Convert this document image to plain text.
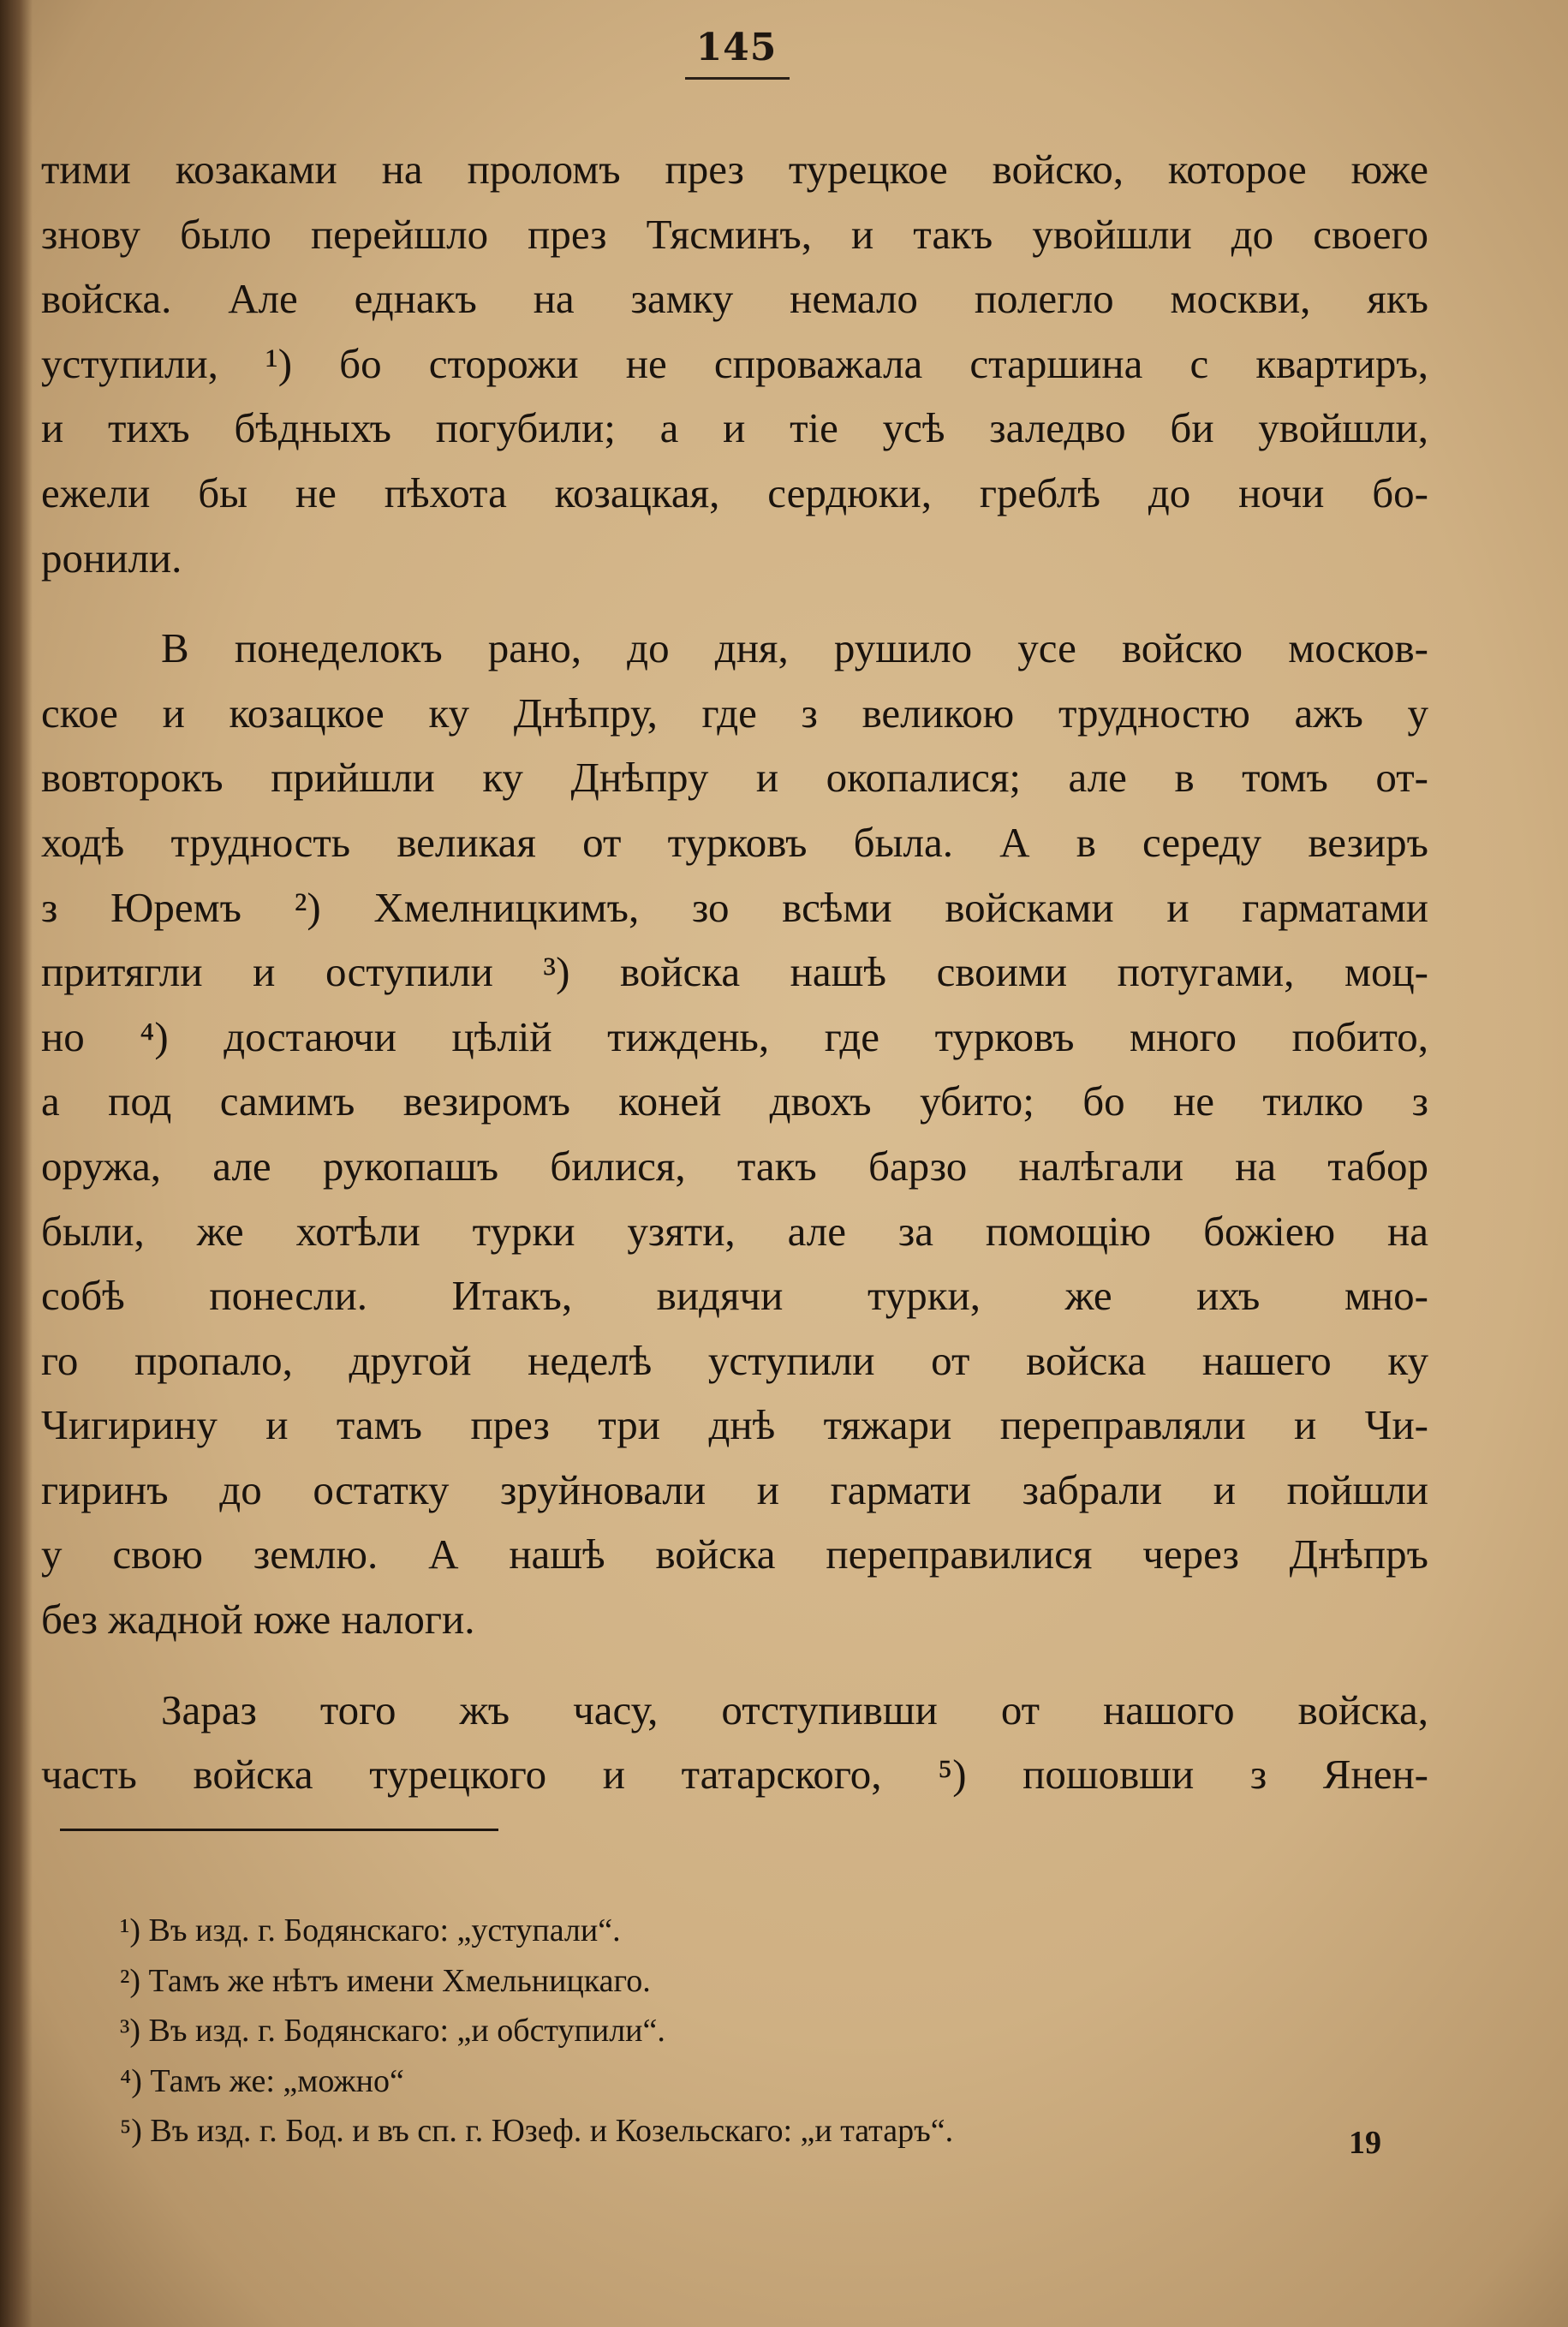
145
тими козаками на проломъ през турецкое войско, которое юже
знову было перейшло през Тясминъ, и такъ увойшли до своего
войска. Але еднакъ на замку немало полегло москви, якъ
уступили, ¹) бо сторожи не спроважала старшина с квартиръ,
и тихъ бѣдныхъ погубили; а и тіе усѣ заледво би увойшли,
ежели бы не пѣхота козацкая, сердюки, греблѣ до ночи бо-
ронили.
В понеделокъ рано, до дня, рушило усе войско москов-
ское и козацкое ку Днѣпру, где з великою трудностю ажъ у
вовторокъ прийшли ку Днѣпру и окопалися; але в томъ от-
ходѣ трудность великая от турковъ была. А в середу везиръ
з Юремъ ²) Хмелницкимъ, зо всѣми войсками и гарматами
притягли и оступили ³) войска нашѣ своими потугами, моц-
но ⁴) достаючи цѣлій тиждень, где турковъ много побито,
а под самимъ везиромъ коней двохъ убито; бо не тилко з
оружа, але рукопашъ билися, такъ барзо налѣгали на табор
были, же хотѣли турки узяти, але за помощію божіею на
собѣ понесли. Итакъ, видячи турки, же ихъ мно-
го пропало, другой неделѣ уступили от войска нашего ку
Чигирину и тамъ през три днѣ тяжари переправляли и Чи-
гиринъ до остатку зруйновали и гармати забрали и пойшли
у свою землю. А нашѣ войска переправилися через Днѣпръ
без жадной юже налоги.
Зараз того жъ часу, отступивши от нашого войска,
часть войска турецкого и татарского, ⁵) пошовши з Янен-
¹) Въ изд. г. Бодянскаго: „уступали“.
²) Тамъ же нѣтъ имени Хмельницкаго.
³) Въ изд. г. Бодянскаго: „и обступили“.
⁴) Тамъ же: „можно“
⁵) Въ изд. г. Бод. и въ сп. г. Юзеф. и Козельскаго: „и татаръ“.	19
